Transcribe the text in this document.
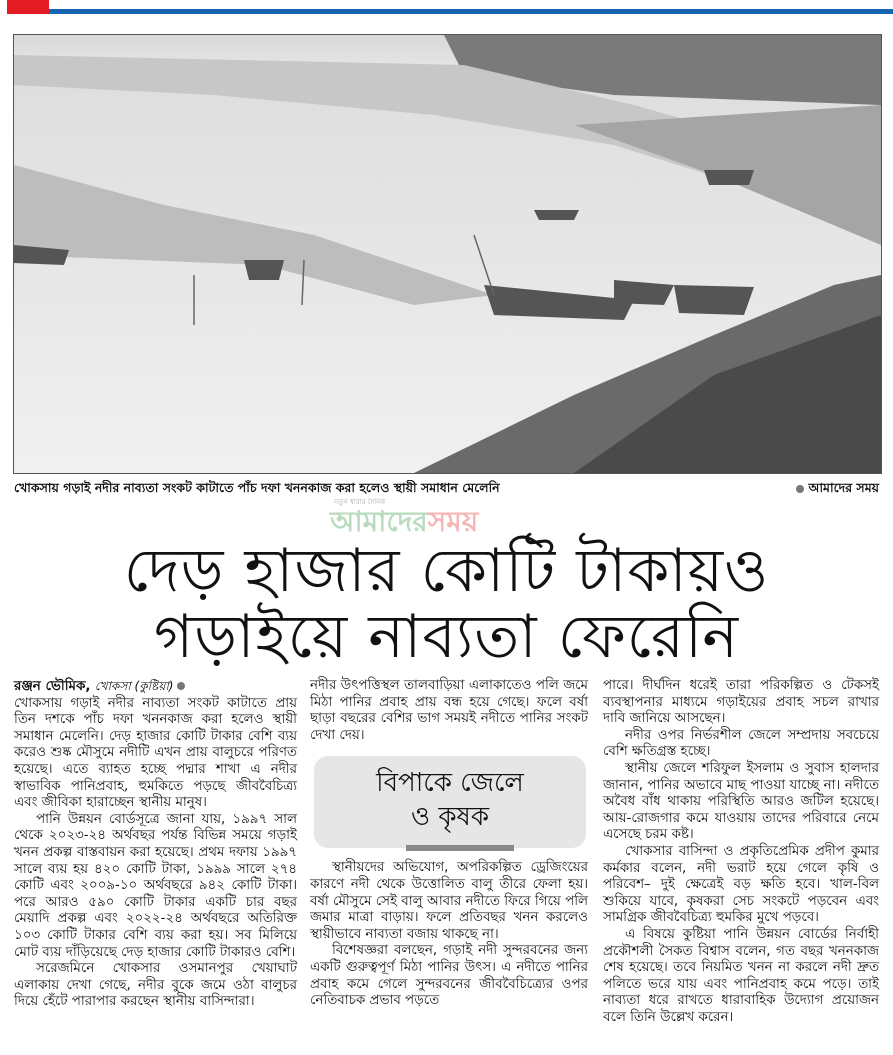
খোকসায় গড়াই নদীর নাব্যতা সংকট কাটাতে পাঁচ দফা খননকাজ করা হলেও স্থায়ী সমাধান মেলেনি	আমাদের সময়
নতুন ধারার দৈনিক
আমাদেরসময়
দেড় হাজার কোটি টাকায়ও
গড়াইয়ে নাব্যতা ফেরেনি
রঞ্জন ভৌমিক, খোকসা (কুষ্টিয়া)

খোকসায় গড়াই নদীর নাব্যতা সংকট কাটাতে প্রায় তিন দশকে পাঁচ দফা খননকাজ করা হলেও স্থায়ী সমাধান মেলেনি। দেড় হাজার কোটি টাকার বেশি ব্যয় করেও শুষ্ক মৌসুমে নদীটি এখন প্রায় বালুচরে পরিণত হয়েছে। এতে ব্যাহত হচ্ছে পদ্মার শাখা এ নদীর স্বাভাবিক পানিপ্রবাহ, হুমকিতে পড়ছে জীববৈচিত্র্য এবং জীবিকা হারাচ্ছেন স্থানীয় মানুষ।

পানি উন্নয়ন বোর্ডসূত্রে জানা যায়, ১৯৯৭ সাল থেকে ২০২৩-২৪ অর্থবছর পর্যন্ত বিভিন্ন সময়ে গড়াই খনন প্রকল্প বাস্তবায়ন করা হয়েছে। প্রথম দফায় ১৯৯৭ সালে ব্যয় হয় ৪২০ কোটি টাকা, ১৯৯৯ সালে ২৭৪ কোটি এবং ২০০৯-১০ অর্থবছরে ৯৪২ কোটি টাকা। পরে আরও ৫৯০ কোটি টাকার একটি চার বছর মেয়াদি প্রকল্প এবং ২০২২-২৪ অর্থবছরে অতিরিক্ত ১০৩ কোটি টাকার বেশি ব্যয় করা হয়। সব মিলিয়ে মোট ব্যয় দাঁড়িয়েছে দেড় হাজার কোটি টাকারও বেশি।

সরেজমিনে খোকসার ওসমানপুর খেয়াঘাট এলাকায় দেখা গেছে, নদীর বুকে জমে ওঠা বালুচর দিয়ে হেঁটে পারাপার করছেন স্থানীয় বাসিন্দারা।

নদীর উৎপত্তিস্থল তালবাড়িয়া এলাকাতেও পলি জমে মিঠা পানির প্রবাহ প্রায় বন্ধ হয়ে গেছে। ফলে বর্ষা ছাড়া বছরের বেশির ভাগ সময়ই নদীতে পানির সংকট দেখা দেয়।

বিপাকে জেলে
ও কৃষক

স্থানীয়দের অভিযোগ, অপরিকল্পিত ড্রেজিংয়ের কারণে নদী থেকে উত্তোলিত বালু তীরে ফেলা হয়। বর্ষা মৌসুমে সেই বালু আবার নদীতে ফিরে গিয়ে পলি জমার মাত্রা বাড়ায়। ফলে প্রতিবছর খনন করলেও স্থায়ীভাবে নাব্যতা বজায় থাকছে না।

বিশেষজ্ঞরা বলছেন, গড়াই নদী সুন্দরবনের জন্য একটি গুরুত্বপূর্ণ মিঠা পানির উৎস। এ নদীতে পানির প্রবাহ কমে গেলে সুন্দরবনের জীববৈচিত্র্যের ওপর নেতিবাচক প্রভাব পড়তে

পারে। দীর্ঘদিন ধরেই তারা পরিকল্পিত ও টেকসই ব্যবস্থাপনার মাধ্যমে গড়াইয়ের প্রবাহ সচল রাখার দাবি জানিয়ে আসছেন।

নদীর ওপর নির্ভরশীল জেলে সম্প্রদায় সবচেয়ে বেশি ক্ষতিগ্রস্ত হচ্ছে।

স্থানীয় জেলে শরিফুল ইসলাম ও সুবাস হালদার জানান, পানির অভাবে মাছ পাওয়া যাচ্ছে না। নদীতে অবৈধ বাঁধ থাকায় পরিস্থিতি আরও জটিল হয়েছে। আয়-রোজগার কমে যাওয়ায় তাদের পরিবারে নেমে এসেছে চরম কষ্ট।

খোকসার বাসিন্দা ও প্রকৃতিপ্রেমিক প্রদীপ কুমার কর্মকার বলেন, নদী ভরাট হয়ে গেলে কৃষি ও পরিবেশ– দুই ক্ষেত্রেই বড় ক্ষতি হবে। খাল-বিল শুকিয়ে যাবে, কৃষকরা সেচ সংকটে পড়বেন এবং সামগ্রিক জীববৈচিত্র্য হুমকির মুখে পড়বে।

এ বিষয়ে কুষ্টিয়া পানি উন্নয়ন বোর্ডের নির্বাহী প্রকৌশলী সৈকত বিশ্বাস বলেন, গত বছর খননকাজ শেষ হয়েছে। তবে নিয়মিত খনন না করলে নদী দ্রুত পলিতে ভরে যায় এবং পানিপ্রবাহ কমে পড়ে। তাই নাব্যতা ধরে রাখতে ধারাবাহিক উদ্যোগ প্রয়োজন বলে তিনি উল্লেখ করেন।
